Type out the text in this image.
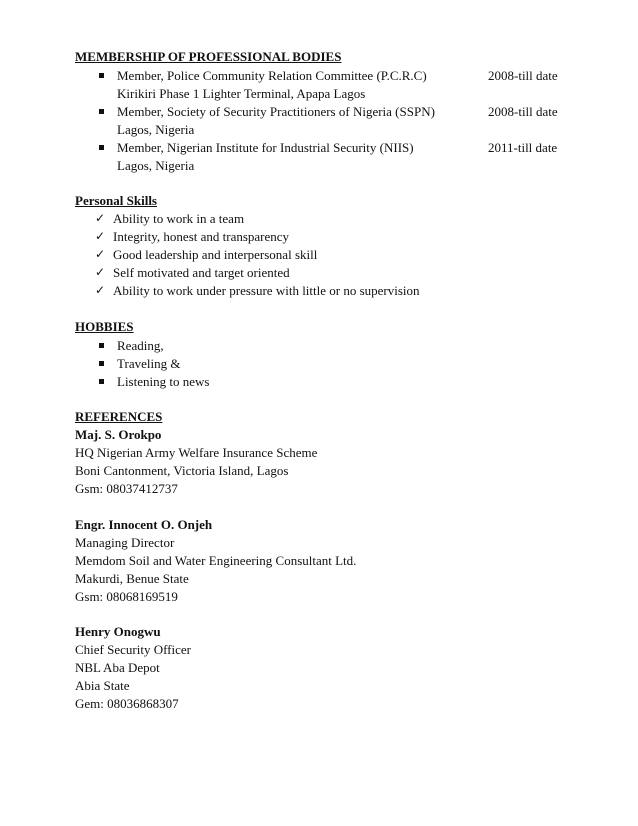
MEMBERSHIP OF PROFESSIONAL BODIES
Member, Police Community Relation Committee (P.C.R.C)	2008-till date
Kirikiri Phase 1 Lighter Terminal, Apapa Lagos
Member, Society of Security Practitioners of Nigeria (SSPN)	2008-till date
Lagos, Nigeria
Member, Nigerian Institute for Industrial Security (NIIS)	2011-till date
Lagos, Nigeria
Personal Skills
✓ Ability to work in a team
✓ Integrity, honest and transparency
✓ Good leadership and interpersonal skill
✓ Self motivated and target oriented
✓ Ability to work under pressure with little or no supervision
HOBBIES
Reading,
Traveling &
Listening to news
REFERENCES
Maj. S. Orokpo
HQ Nigerian Army Welfare Insurance Scheme
Boni Cantonment, Victoria Island, Lagos
Gsm: 08037412737
Engr. Innocent O. Onjeh
Managing Director
Memdom Soil and Water Engineering Consultant Ltd.
Makurdi, Benue State
Gsm: 08068169519
Henry Onogwu
Chief Security Officer
NBL Aba Depot
Abia State
Gem: 08036868307
